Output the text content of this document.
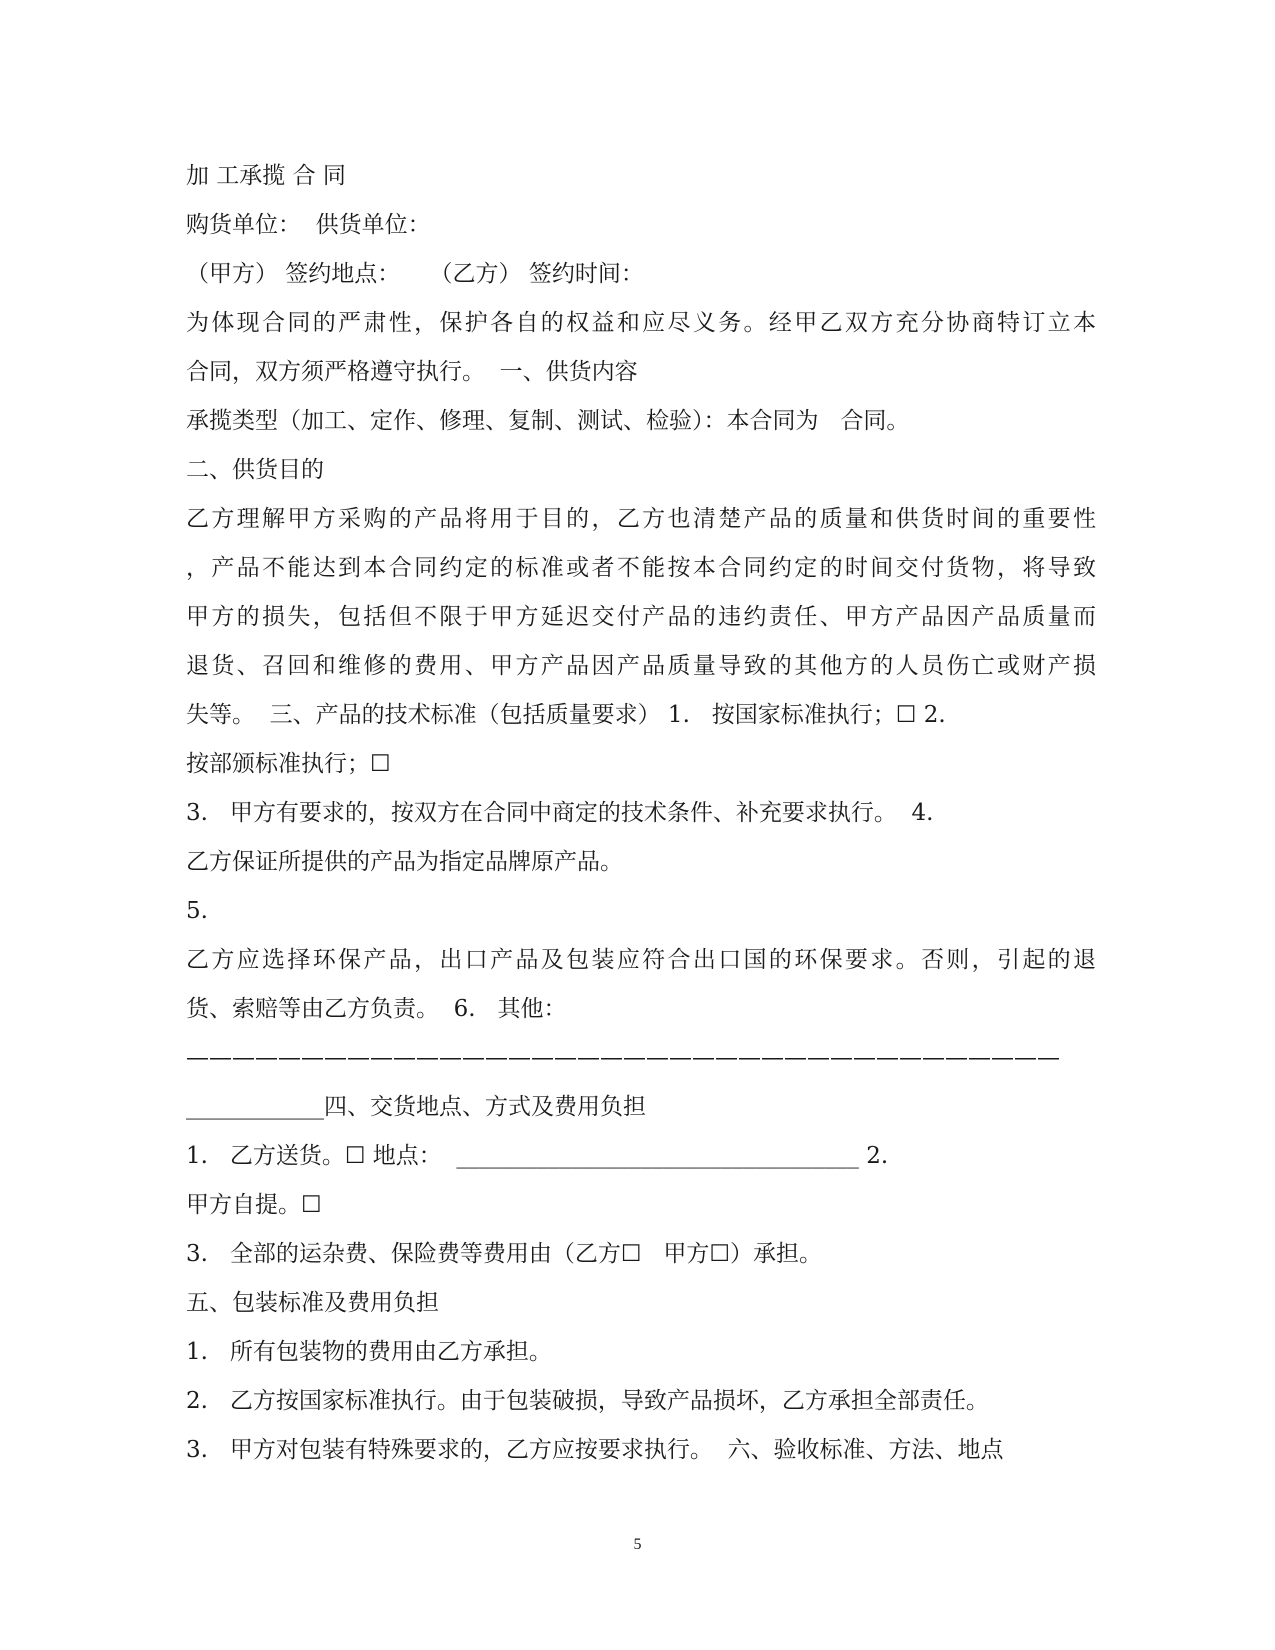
加 工承揽 合 同
购货单位：  供货单位：
（甲方） 签约地点：    （乙方） 签约时间：
为体现合同的严肃性，保护各自的权益和应尽义务。经甲乙双方充分协商特订立本
合同，双方须严格遵守执行。  一、供货内容
承揽类型（加工、定作、修理、复制、测试、检验）：本合同为   合同。
二、供货目的
乙方理解甲方采购的产品将用于目的，乙方也清楚产品的质量和供货时间的重要性
，产品不能达到本合同约定的标准或者不能按本合同约定的时间交付货物，将导致
甲方的损失，包括但不限于甲方延迟交付产品的违约责任、甲方产品因产品质量而
退货、召回和维修的费用、甲方产品因产品质量导致的其他方的人员伤亡或财产损
失等。  三、产品的技术标准（包括质量要求） 1.   按国家标准执行；☐ 2.
按部颁标准执行；☐
3.   甲方有要求的，按双方在合同中商定的技术条件、补充要求执行。  4.
乙方保证所提供的产品为指定品牌原产品。
5.
乙方应选择环保产品，出口产品及包装应符合出口国的环保要求。否则，引起的退
货、索赔等由乙方负责。  6.   其他：
——————————————————————————————————————
____________四、交货地点、方式及费用负担
1.   乙方送货。☐ 地点：  ___________________________________ 2.
甲方自提。☐
3.   全部的运杂费、保险费等费用由（乙方☐   甲方☐）承担。
五、包装标准及费用负担
1.   所有包装物的费用由乙方承担。
2.   乙方按国家标准执行。由于包装破损，导致产品损坏，乙方承担全部责任。
3.   甲方对包装有特殊要求的，乙方应按要求执行。  六、验收标准、方法、地点
5
